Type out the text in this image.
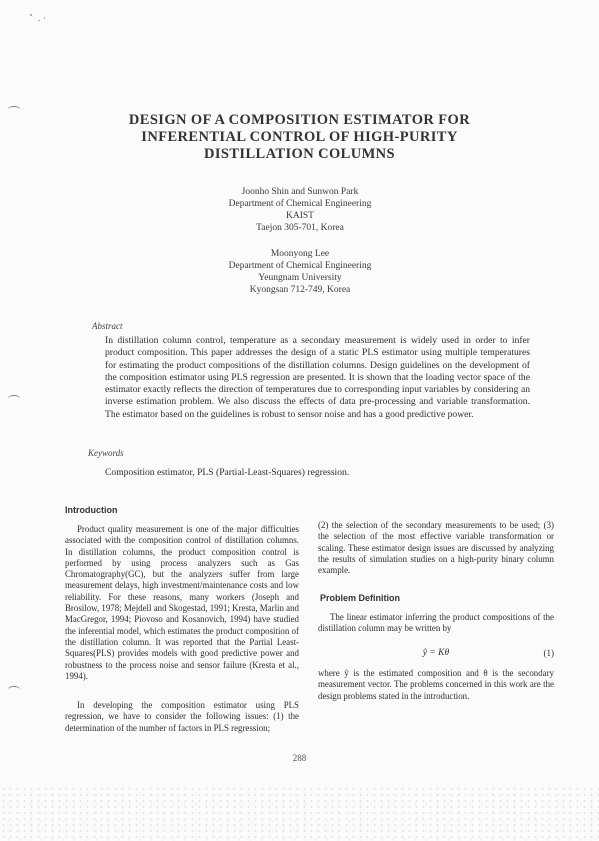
DESIGN OF A COMPOSITION ESTIMATOR FOR
INFERENTIAL CONTROL OF HIGH-PURITY
DISTILLATION COLUMNS
Joonho Shin and Sunwon Park
Department of Chemical Engineering
KAIST
Taejon 305-701, Korea
Moonyong Lee
Department of Chemical Engineering
Yeungnam University
Kyongsan 712-749, Korea
Abstract
In distillation column control, temperature as a secondary measurement is widely used in order to infer product composition. This paper addresses the design of a static PLS estimator using multiple temperatures for estimating the product compositions of the distillation columns. Design guidelines on the development of the composition estimator using PLS regression are presented. It is shown that the loading vector space of the estimator exactly reflects the direction of temperatures due to corresponding input variables by considering an inverse estimation problem. We also discuss the effects of data pre-processing and variable transformation. The estimator based on the guidelines is robust to sensor noise and has a good predictive power.
Keywords
Composition estimator, PLS (Partial-Least-Squares) regression.
Introduction
Product quality measurement is one of the major difficulties associated with the composition control of distillation columns. In distillation columns, the product composition control is performed by using process analyzers such as Gas Chromatography(GC), but the analyzers suffer from large measurement delays, high investment/maintenance costs and low reliability. For these reasons, many workers (Joseph and Brosilow, 1978; Mejdell and Skogestad, 1991; Kresta, Marlin and MacGregor, 1994; Piovoso and Kosanovich, 1994) have studied the inferential model, which estimates the product composition of the distillation column. It was reported that the Partial Least-Squares(PLS) provides models with good predictive power and robustness to the process noise and sensor failure (Kresta et al., 1994).
In developing the composition estimator using PLS regression, we have to consider the following issues: (1) the determination of the number of factors in PLS regression;
(2) the selection of the secondary measurements to be used; (3) the selection of the most effective variable transformation or scaling. These estimator design issues are discussed by analyzing the results of simulation studies on a high-purity binary column example.
Problem Definition
The linear estimator inferring the product compositions of the distillation column may be written by
ŷ = Kθ	(1)
where ŷ is the estimated composition and θ is the secondary measurement vector. The problems concerned in this work are the design problems stated in the introduction.
288
